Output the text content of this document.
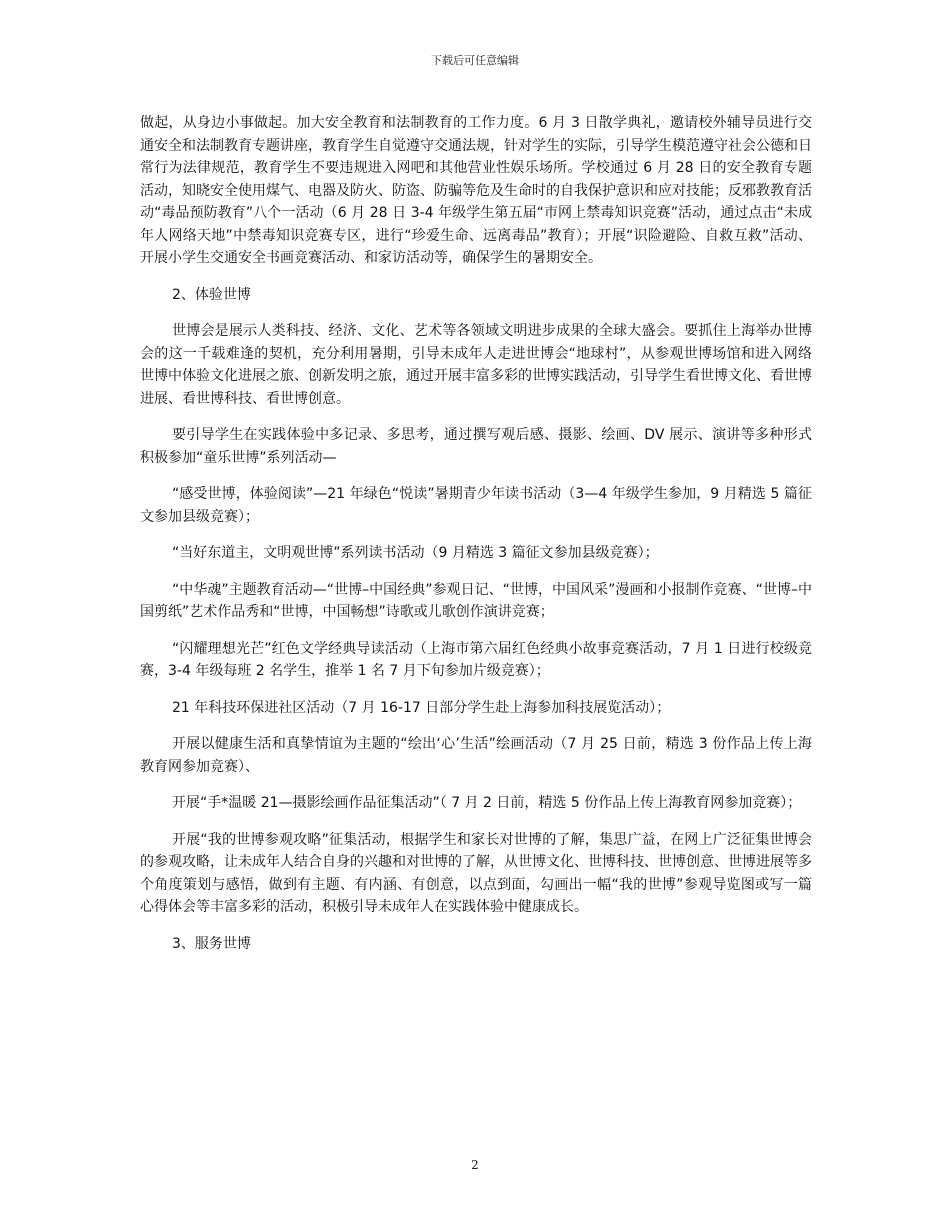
下载后可任意编辑

做起，从身边小事做起。加大安全教育和法制教育的工作力度。6 月 3 日散学典礼，邀请校外辅导员进行交通安全和法制教育专题讲座，教育学生自觉遵守交通法规，针对学生的实际，引导学生模范遵守社会公德和日常行为法律规范，教育学生不要违规进入网吧和其他营业性娱乐场所。学校通过 6 月 28 日的安全教育专题活动，知晓安全使用煤气、电器及防火、防盗、防骗等危及生命时的自我保护意识和应对技能；反邪教教育活动“毒品预防教育”八个一活动（6 月 28 日 3-4 年级学生第五届“市网上禁毒知识竞赛”活动，通过点击“未成年人网络天地”中禁毒知识竞赛专区，进行“珍爱生命、远离毒品”教育）；开展“识险避险、自救互救”活动、开展小学生交通安全书画竞赛活动、和家访活动等，确保学生的暑期安全。

2、体验世博

世博会是展示人类科技、经济、文化、艺术等各领域文明进步成果的全球大盛会。要抓住上海举办世博会的这一千载难逢的契机，充分利用暑期，引导未成年人走进世博会“地球村”，从参观世博场馆和进入网络世博中体验文化进展之旅、创新发明之旅，通过开展丰富多彩的世博实践活动，引导学生看世博文化、看世博进展、看世博科技、看世博创意。

要引导学生在实践体验中多记录、多思考，通过撰写观后感、摄影、绘画、DV 展示、演讲等多种形式积极参加“童乐世博”系列活动—

“感受世博，体验阅读”—21 年绿色“悦读”暑期青少年读书活动（3—4 年级学生参加，9 月精选 5 篇征文参加县级竞赛）；

“当好东道主，文明观世博”系列读书活动（9 月精选 3 篇征文参加县级竞赛）；

“中华魂”主题教育活动—“世博–中国经典”参观日记、“世博，中国风采”漫画和小报制作竞赛、“世博–中国剪纸”艺术作品秀和“世博，中国畅想”诗歌或儿歌创作演讲竞赛；

“闪耀理想光芒”红色文学经典导读活动（上海市第六届红色经典小故事竞赛活动，7 月 1 日进行校级竞赛，3-4 年级每班 2 名学生，推举 1 名 7 月下旬参加片级竞赛）；

21 年科技环保进社区活动（7 月 16-17 日部分学生赴上海参加科技展览活动）；

开展以健康生活和真挚情谊为主题的“绘出‘心’生活”绘画活动（7 月 25 日前，精选 3 份作品上传上海教育网参加竞赛）、

开展“手*温暖 21—摄影绘画作品征集活动”（ 7 月 2 日前，精选 5 份作品上传上海教育网参加竞赛）；

开展“我的世博参观攻略”征集活动，根据学生和家长对世博的了解，集思广益，在网上广泛征集世博会的参观攻略，让未成年人结合自身的兴趣和对世博的了解，从世博文化、世博科技、世博创意、世博进展等多个角度策划与感悟，做到有主题、有内涵、有创意，以点到面，勾画出一幅“我的世博”参观导览图或写一篇心得体会等丰富多彩的活动，积极引导未成年人在实践体验中健康成长。

3、服务世博

2
